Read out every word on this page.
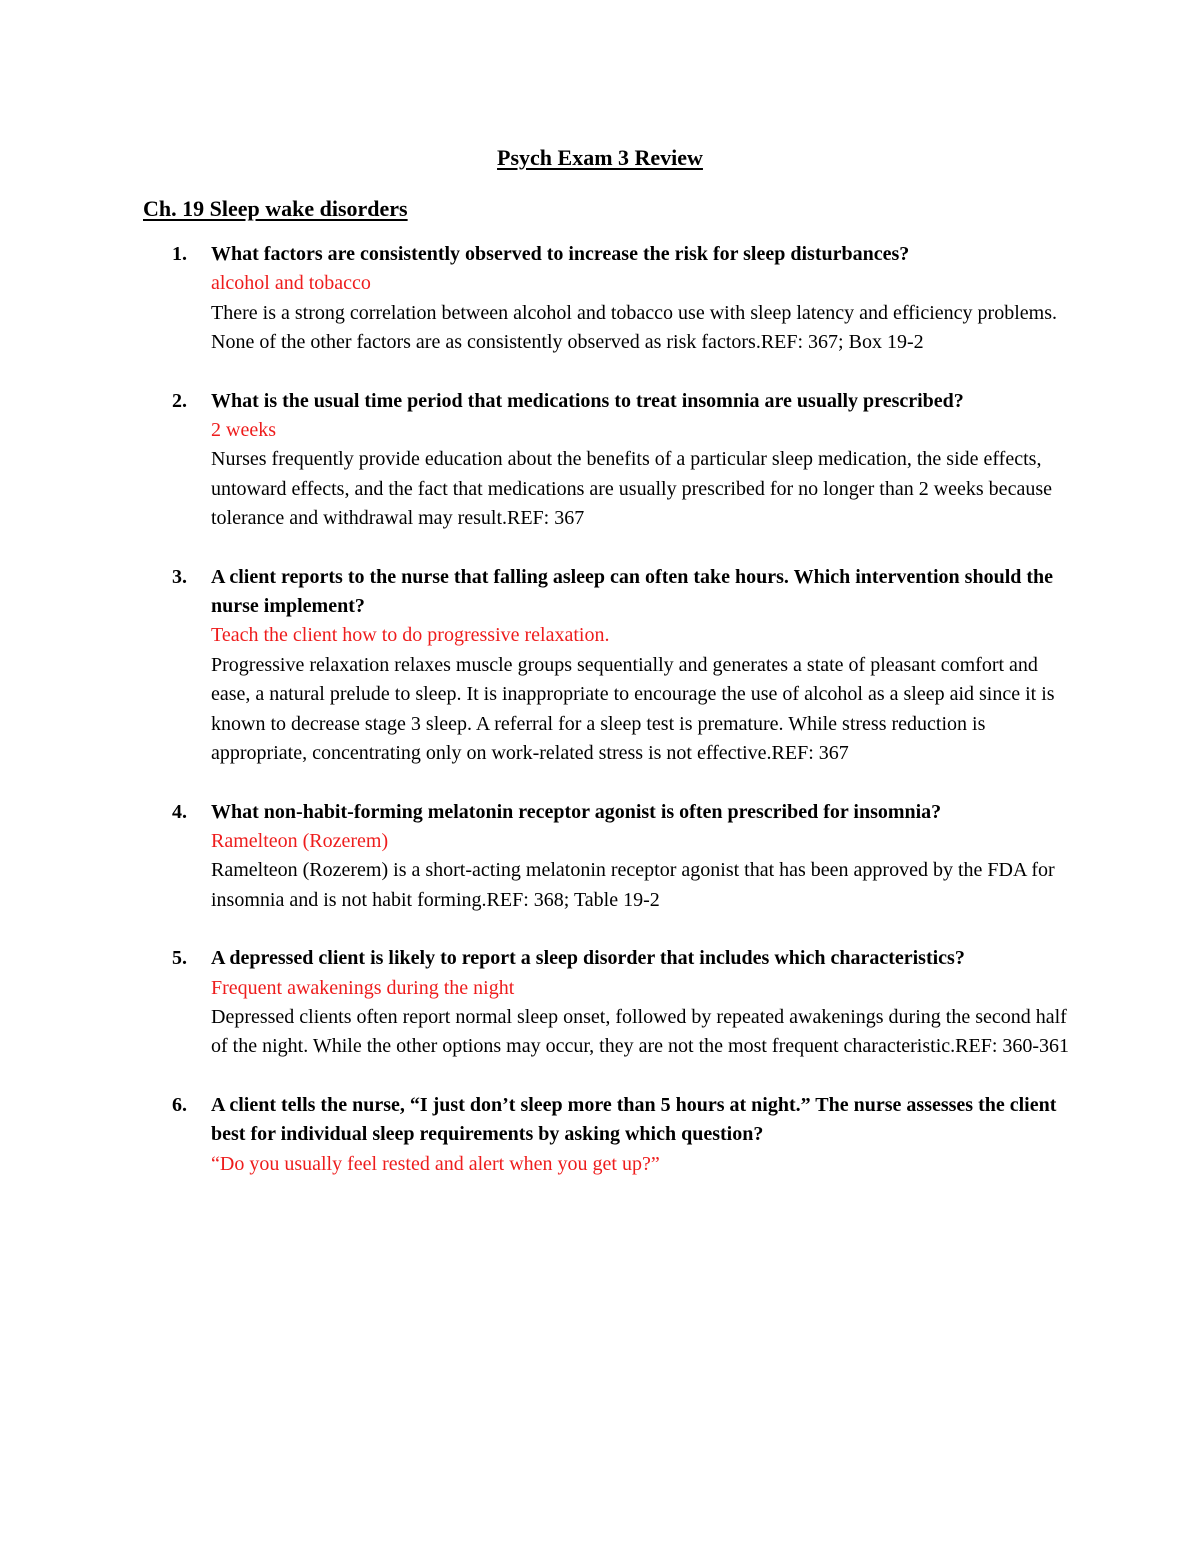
Psych Exam 3 Review
Ch. 19 Sleep wake disorders
1. What factors are consistently observed to increase the risk for sleep disturbances?
alcohol and tobacco
There is a strong correlation between alcohol and tobacco use with sleep latency and efficiency problems. None of the other factors are as consistently observed as risk factors.REF: 367; Box 19-2
2. What is the usual time period that medications to treat insomnia are usually prescribed?
2 weeks
Nurses frequently provide education about the benefits of a particular sleep medication, the side effects, untoward effects, and the fact that medications are usually prescribed for no longer than 2 weeks because tolerance and withdrawal may result.REF: 367
3. A client reports to the nurse that falling asleep can often take hours. Which intervention should the nurse implement?
Teach the client how to do progressive relaxation.
Progressive relaxation relaxes muscle groups sequentially and generates a state of pleasant comfort and ease, a natural prelude to sleep. It is inappropriate to encourage the use of alcohol as a sleep aid since it is known to decrease stage 3 sleep. A referral for a sleep test is premature. While stress reduction is appropriate, concentrating only on work-related stress is not effective.REF: 367
4. What non-habit-forming melatonin receptor agonist is often prescribed for insomnia?
Ramelteon (Rozerem)
Ramelteon (Rozerem) is a short-acting melatonin receptor agonist that has been approved by the FDA for insomnia and is not habit forming.REF: 368; Table 19-2
5. A depressed client is likely to report a sleep disorder that includes which characteristics?
Frequent awakenings during the night
Depressed clients often report normal sleep onset, followed by repeated awakenings during the second half of the night. While the other options may occur, they are not the most frequent characteristic.REF: 360-361
6. A client tells the nurse, “I just don’t sleep more than 5 hours at night.” The nurse assesses the client best for individual sleep requirements by asking which question?
“Do you usually feel rested and alert when you get up?”
